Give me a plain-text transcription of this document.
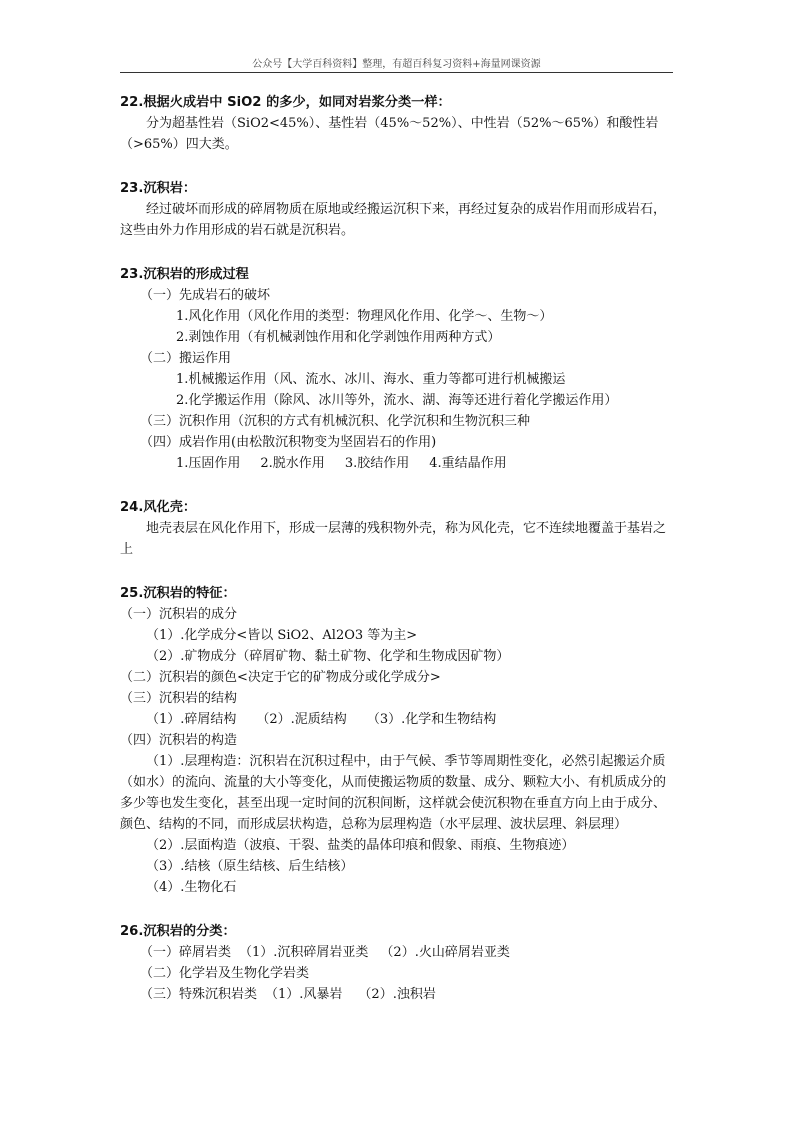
公众号【大学百科资料】整理，有超百科复习资料+海量网课资源

22.根据火成岩中 SiO2 的多少，如同对岩浆分类一样：

分为超基性岩（SiO2<45%）、基性岩（45%～52%）、中性岩（52%～65%）和酸性岩（>65%）四大类。

23.沉积岩：

经过破坏而形成的碎屑物质在原地或经搬运沉积下来，再经过复杂的成岩作用而形成岩石，这些由外力作用形成的岩石就是沉积岩。

23.沉积岩的形成过程

（一）先成岩石的破坏

1.风化作用（风化作用的类型：物理风化作用、化学～、生物～）

2.剥蚀作用（有机械剥蚀作用和化学剥蚀作用两种方式）

（二）搬运作用

1.机械搬运作用（风、流水、冰川、海水、重力等都可进行机械搬运

2.化学搬运作用（除风、冰川等外，流水、湖、海等还进行着化学搬运作用）

（三）沉积作用（沉积的方式有机械沉积、化学沉积和生物沉积三种

（四）成岩作用(由松散沉积物变为坚固岩石的作用)

1.压固作用 2.脱水作用 3.胶结作用 4.重结晶作用

24.风化壳：

地壳表层在风化作用下，形成一层薄的残积物外壳，称为风化壳，它不连续地覆盖于基岩之上

25.沉积岩的特征：

（一）沉积岩的成分

（1）.化学成分<皆以 SiO2、Al2O3 等为主>

（2）.矿物成分（碎屑矿物、黏土矿物、化学和生物成因矿物）

（二）沉积岩的颜色<决定于它的矿物成分或化学成分>

（三）沉积岩的结构

（1）.碎屑结构 （2）.泥质结构 （3）.化学和生物结构

（四）沉积岩的构造

（1）.层理构造：沉积岩在沉积过程中，由于气候、季节等周期性变化，必然引起搬运介质（如水）的流向、流量的大小等变化，从而使搬运物质的数量、成分、颗粒大小、有机质成分的多少等也发生变化，甚至出现一定时间的沉积间断，这样就会使沉积物在垂直方向上由于成分、颜色、结构的不同，而形成层状构造，总称为层理构造（水平层理、波状层理、斜层理）

（2）.层面构造（波痕、干裂、盐类的晶体印痕和假象、雨痕、生物痕迹）

（3）.结核（原生结核、后生结核）

（4）.生物化石

26.沉积岩的分类：

（一）碎屑岩类 （1）.沉积碎屑岩亚类 （2）.火山碎屑岩亚类

（二）化学岩及生物化学岩类

（三）特殊沉积岩类 （1）.风暴岩 （2）.浊积岩
